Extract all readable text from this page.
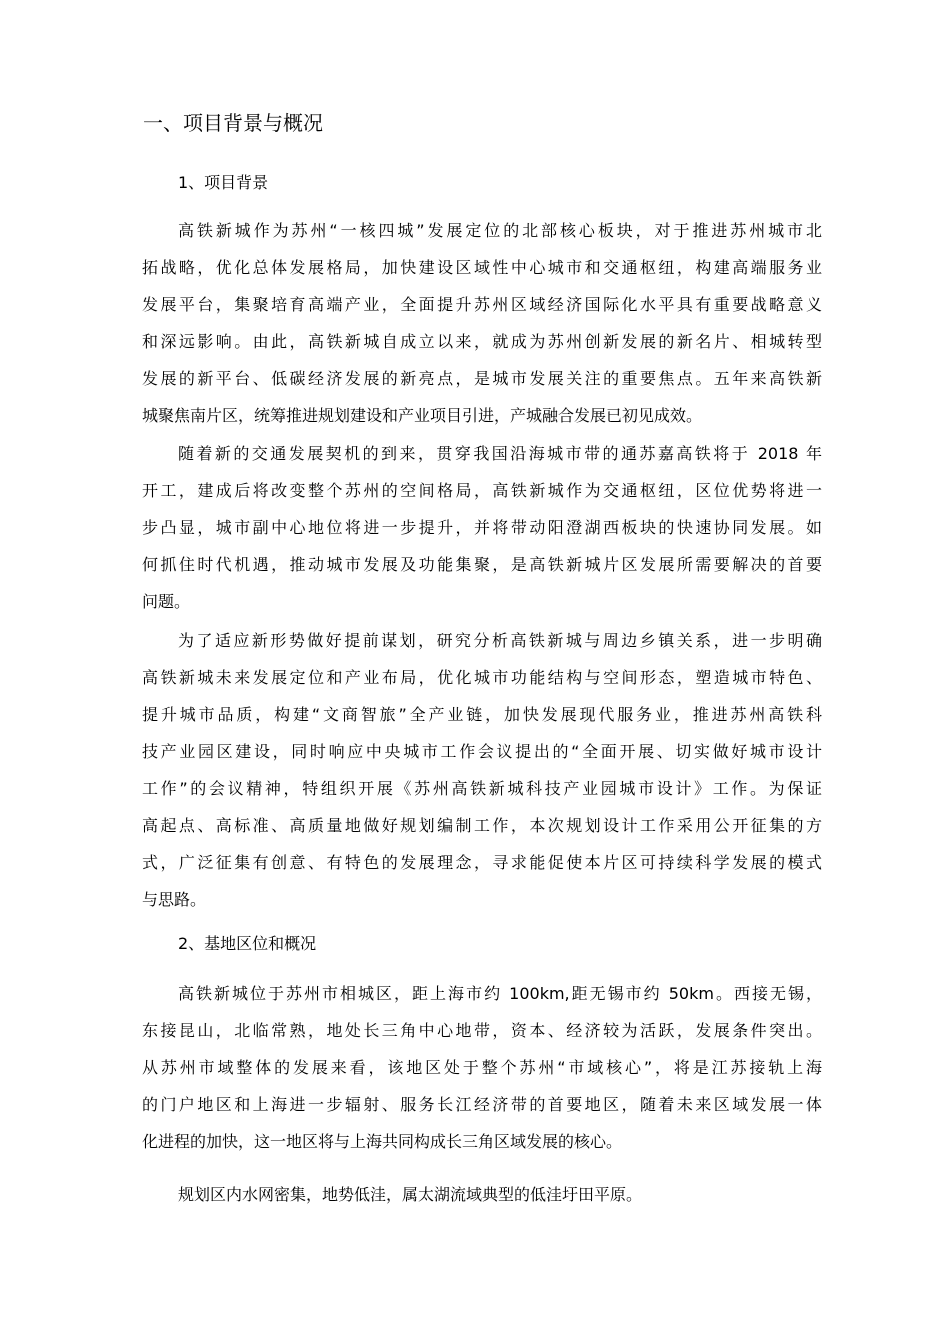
一、项目背景与概况
1、项目背景
高铁新城作为苏州“一核四城”发展定位的北部核心板块，对于推进苏州城市北
拓战略，优化总体发展格局，加快建设区域性中心城市和交通枢纽，构建高端服务业
发展平台，集聚培育高端产业，全面提升苏州区域经济国际化水平具有重要战略意义
和深远影响。由此，高铁新城自成立以来，就成为苏州创新发展的新名片、相城转型
发展的新平台、低碳经济发展的新亮点，是城市发展关注的重要焦点。五年来高铁新
城聚焦南片区，统筹推进规划建设和产业项目引进，产城融合发展已初见成效。
随着新的交通发展契机的到来，贯穿我国沿海城市带的通苏嘉高铁将于 2018 年
开工，建成后将改变整个苏州的空间格局，高铁新城作为交通枢纽，区位优势将进一
步凸显，城市副中心地位将进一步提升，并将带动阳澄湖西板块的快速协同发展。如
何抓住时代机遇，推动城市发展及功能集聚，是高铁新城片区发展所需要解决的首要
问题。
为了适应新形势做好提前谋划，研究分析高铁新城与周边乡镇关系，进一步明确
高铁新城未来发展定位和产业布局，优化城市功能结构与空间形态，塑造城市特色、
提升城市品质，构建“文商智旅”全产业链，加快发展现代服务业，推进苏州高铁科
技产业园区建设，同时响应中央城市工作会议提出的“全面开展、切实做好城市设计
工作”的会议精神，特组织开展《苏州高铁新城科技产业园城市设计》工作。为保证
高起点、高标准、高质量地做好规划编制工作，本次规划设计工作采用公开征集的方
式，广泛征集有创意、有特色的发展理念，寻求能促使本片区可持续科学发展的模式
与思路。
2、基地区位和概况
高铁新城位于苏州市相城区，距上海市约 100km,距无锡市约 50km。西接无锡，
东接昆山，北临常熟，地处长三角中心地带，资本、经济较为活跃，发展条件突出。
从苏州市域整体的发展来看，该地区处于整个苏州“市域核心”，将是江苏接轨上海
的门户地区和上海进一步辐射、服务长江经济带的首要地区，随着未来区域发展一体
化进程的加快，这一地区将与上海共同构成长三角区域发展的核心。
规划区内水网密集，地势低洼，属太湖流域典型的低洼圩田平原。
